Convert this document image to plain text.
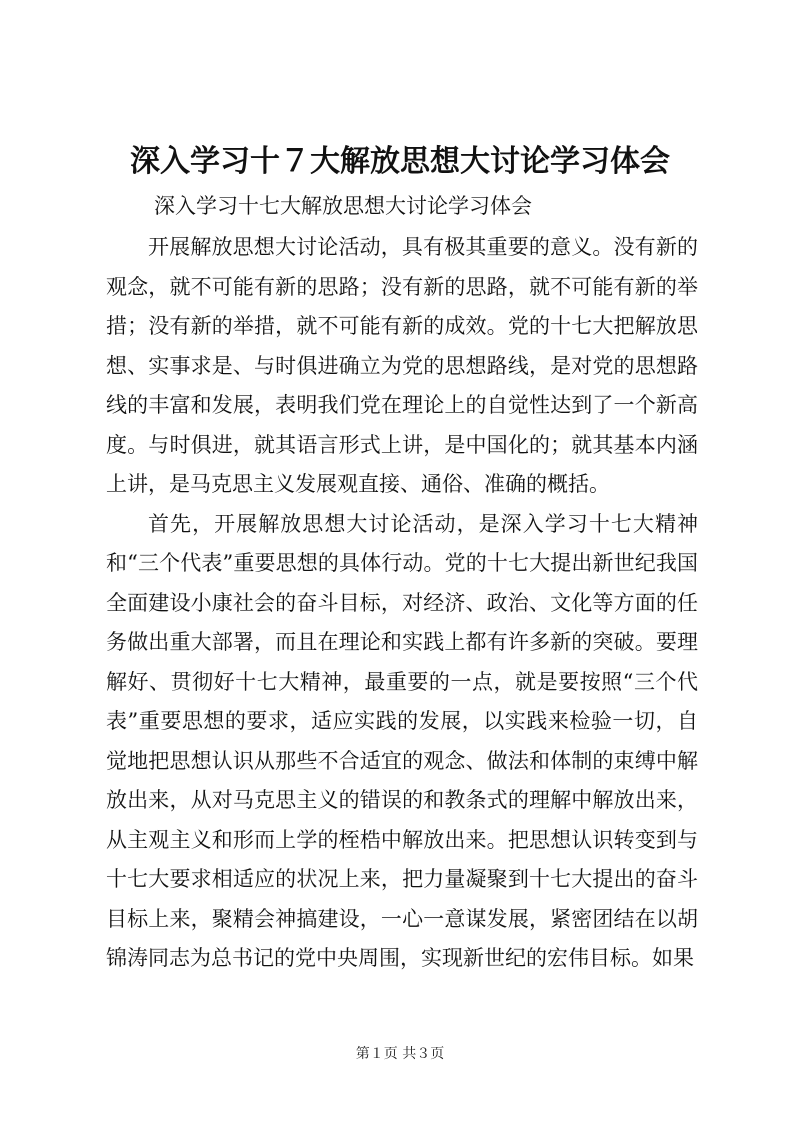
深入学习十７大解放思想大讨论学习体会

深入学习十七大解放思想大讨论学习体会

开展解放思想大讨论活动，具有极其重要的意义。没有新的观念，就不可能有新的思路；没有新的思路，就不可能有新的举措；没有新的举措，就不可能有新的成效。党的十七大把解放思想、实事求是、与时俱进确立为党的思想路线，是对党的思想路线的丰富和发展，表明我们党在理论上的自觉性达到了一个新高度。与时俱进，就其语言形式上讲，是中国化的；就其基本内涵上讲，是马克思主义发展观直接、通俗、准确的概括。

首先，开展解放思想大讨论活动，是深入学习十七大精神和“三个代表”重要思想的具体行动。党的十七大提出新世纪我国全面建设小康社会的奋斗目标，对经济、政治、文化等方面的任务做出重大部署，而且在理论和实践上都有许多新的突破。要理解好、贯彻好十七大精神，最重要的一点，就是要按照“三个代表”重要思想的要求，适应实践的发展，以实践来检验一切，自觉地把思想认识从那些不合适宜的观念、做法和体制的束缚中解放出来，从对马克思主义的错误的和教条式的理解中解放出来，从主观主义和形而上学的桎梏中解放出来。把思想认识转变到与十七大要求相适应的状况上来，把力量凝聚到十七大提出的奋斗目标上来，聚精会神搞建设，一心一意谋发展，紧密团结在以胡锦涛同志为总书记的党中央周围，实现新世纪的宏伟目标。如果

第１页 共３页
